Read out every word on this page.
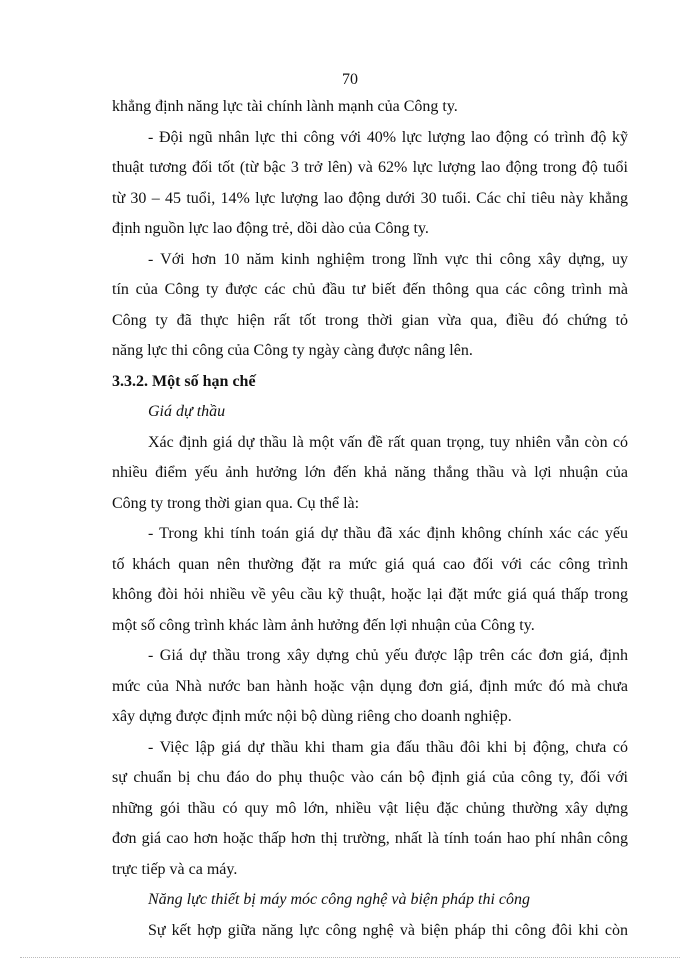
70
khẳng định năng lực tài chính lành mạnh của Công ty.
- Đội ngũ nhân lực thi công với 40% lực lượng lao động có trình độ kỹ
thuật tương đối tốt (từ bậc 3 trở lên) và 62% lực lượng lao động trong độ tuổi
từ 30 – 45 tuổi, 14% lực lượng lao động dưới 30 tuổi. Các chỉ tiêu này khẳng
định nguồn lực lao động trẻ, dồi dào của Công ty.
- Với hơn 10 năm kinh nghiệm trong lĩnh vực thi công xây dựng, uy
tín của Công ty được các chủ đầu tư biết đến thông qua các công trình mà
Công ty đã thực hiện rất tốt trong thời gian vừa qua, điều đó chứng tỏ
năng lực thi công của Công ty ngày càng được nâng lên.
3.3.2. Một số hạn chế
Giá dự thầu
Xác định giá dự thầu là một vấn đề rất quan trọng, tuy nhiên vẫn còn có
nhiều điểm yếu ảnh hưởng lớn đến khả năng thắng thầu và lợi nhuận của
Công ty trong thời gian qua. Cụ thể là:
- Trong khi tính toán giá dự thầu đã xác định không chính xác các yếu
tố khách quan nên thường đặt ra mức giá quá cao đối với các công trình
không đòi hỏi nhiều về yêu cầu kỹ thuật, hoặc lại đặt mức giá quá thấp trong
một số công trình khác làm ảnh hưởng đến lợi nhuận của Công ty.
- Giá dự thầu trong xây dựng chủ yếu được lập trên các đơn giá, định
mức của Nhà nước ban hành hoặc vận dụng đơn giá, định mức đó mà chưa
xây dựng được định mức nội bộ dùng riêng cho doanh nghiệp.
- Việc lập giá dự thầu khi tham gia đấu thầu đôi khi bị động, chưa có
sự chuẩn bị chu đáo do phụ thuộc vào cán bộ định giá của công ty, đối với
những gói thầu có quy mô lớn, nhiều vật liệu đặc chủng thường xây dựng
đơn giá cao hơn hoặc thấp hơn thị trường, nhất là tính toán hao phí nhân công
trực tiếp và ca máy.
Năng lực thiết bị máy móc công nghệ và biện pháp thi công
Sự kết hợp giữa năng lực công nghệ và biện pháp thi công đôi khi còn
